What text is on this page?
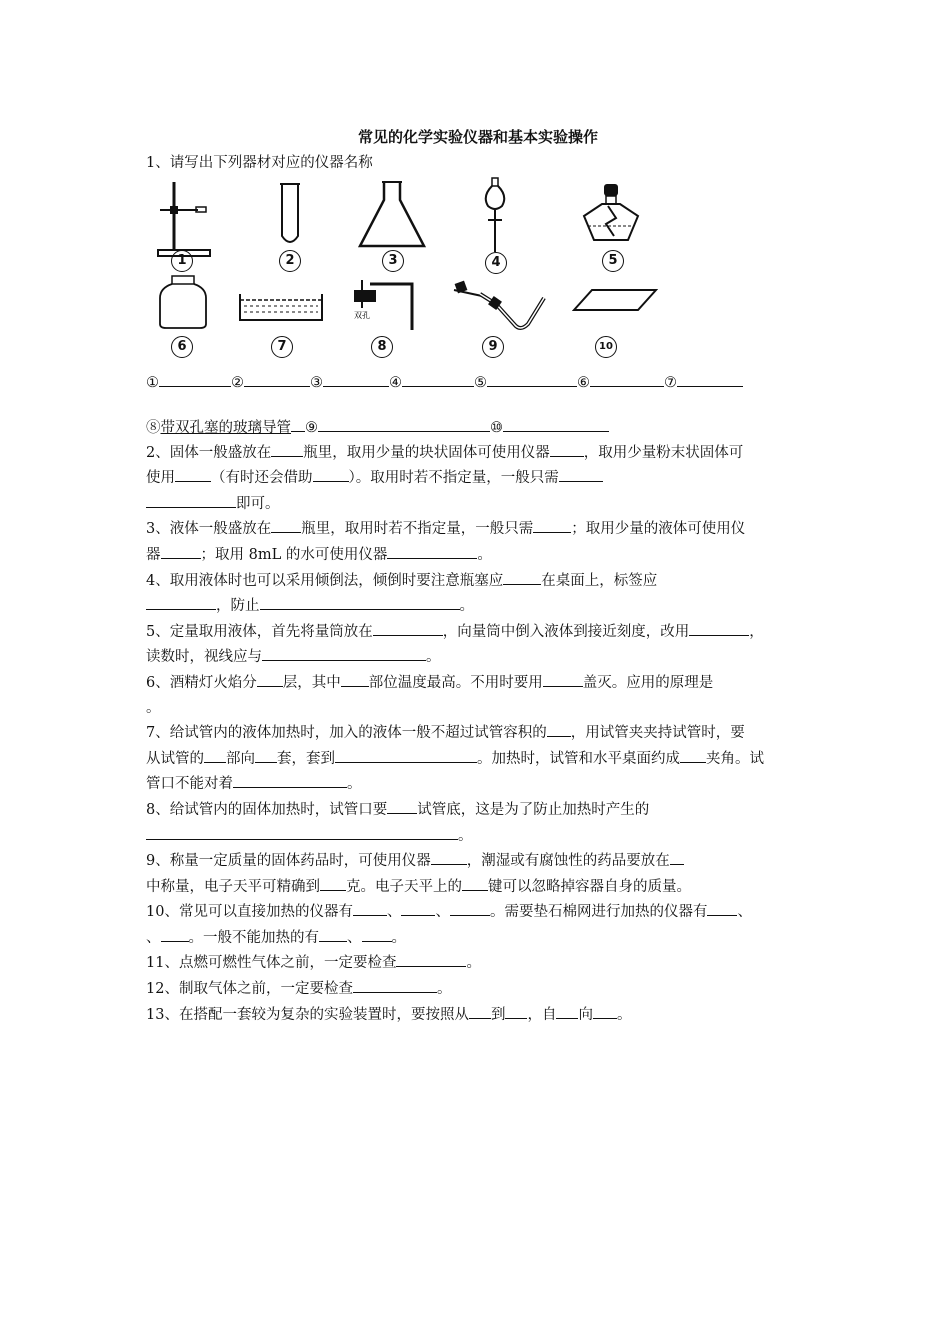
常见的化学实验仪器和基本实验操作
1、请写出下列器材对应的仪器名称
1	2	3	4	5
6	7
双孔
8	9	10
①	②	③	④	⑤	⑥	⑦
⑧带双孔塞的玻璃导管 ⑨	⑩
2、固体一般盛放在 瓶里，取用少量的块状固体可使用仪器 ，取用少量粉末状固体可
使用 （有时还会借助 ）。取用时若不指定量，一般只需
即可。
3、液体一般盛放在 瓶里，取用时若不指定量，一般只需	；取用少量的液体可使用仪
器	；取用 8mL 的水可使用仪器	。
4、取用液体时也可以采用倾倒法，倾倒时要注意瓶塞应	在桌面上，标签应
，防止	。
5、定量取用液体，首先将量筒放在	，向量筒中倒入液体到接近刻度，改用	，
读数时，视线应与	。
6、酒精灯火焰分 层，其中 部位温度最高。不用时要用	盖灭。应用的原理是
。
7、给试管内的液体加热时，加入的液体一般不超过试管容积的 ，用试管夹夹持试管时，要
从试管的 部向 套，套到	。加热时，试管和水平桌面约成 夹角。试
管口不能对着	。
8、给试管内的固体加热时，试管口要 试管底，这是为了防止加热时产生的
。
9、称量一定质量的固体药品时，可使用仪器 ，潮湿或有腐蚀性的药品要放在
中称量，电子天平可精确到 克。电子天平上的 键可以忽略掉容器自身的质量。
10、常见可以直接加热的仪器有 、 、	。需要垫石棉网进行加热的仪器有 、
、 。一般不能加热的有 、 。
11、点燃可燃性气体之前，一定要检查	。
12、制取气体之前，一定要检查	。
13、在搭配一套较为复杂的实验装置时，要按照从 到 ，自 向 。
